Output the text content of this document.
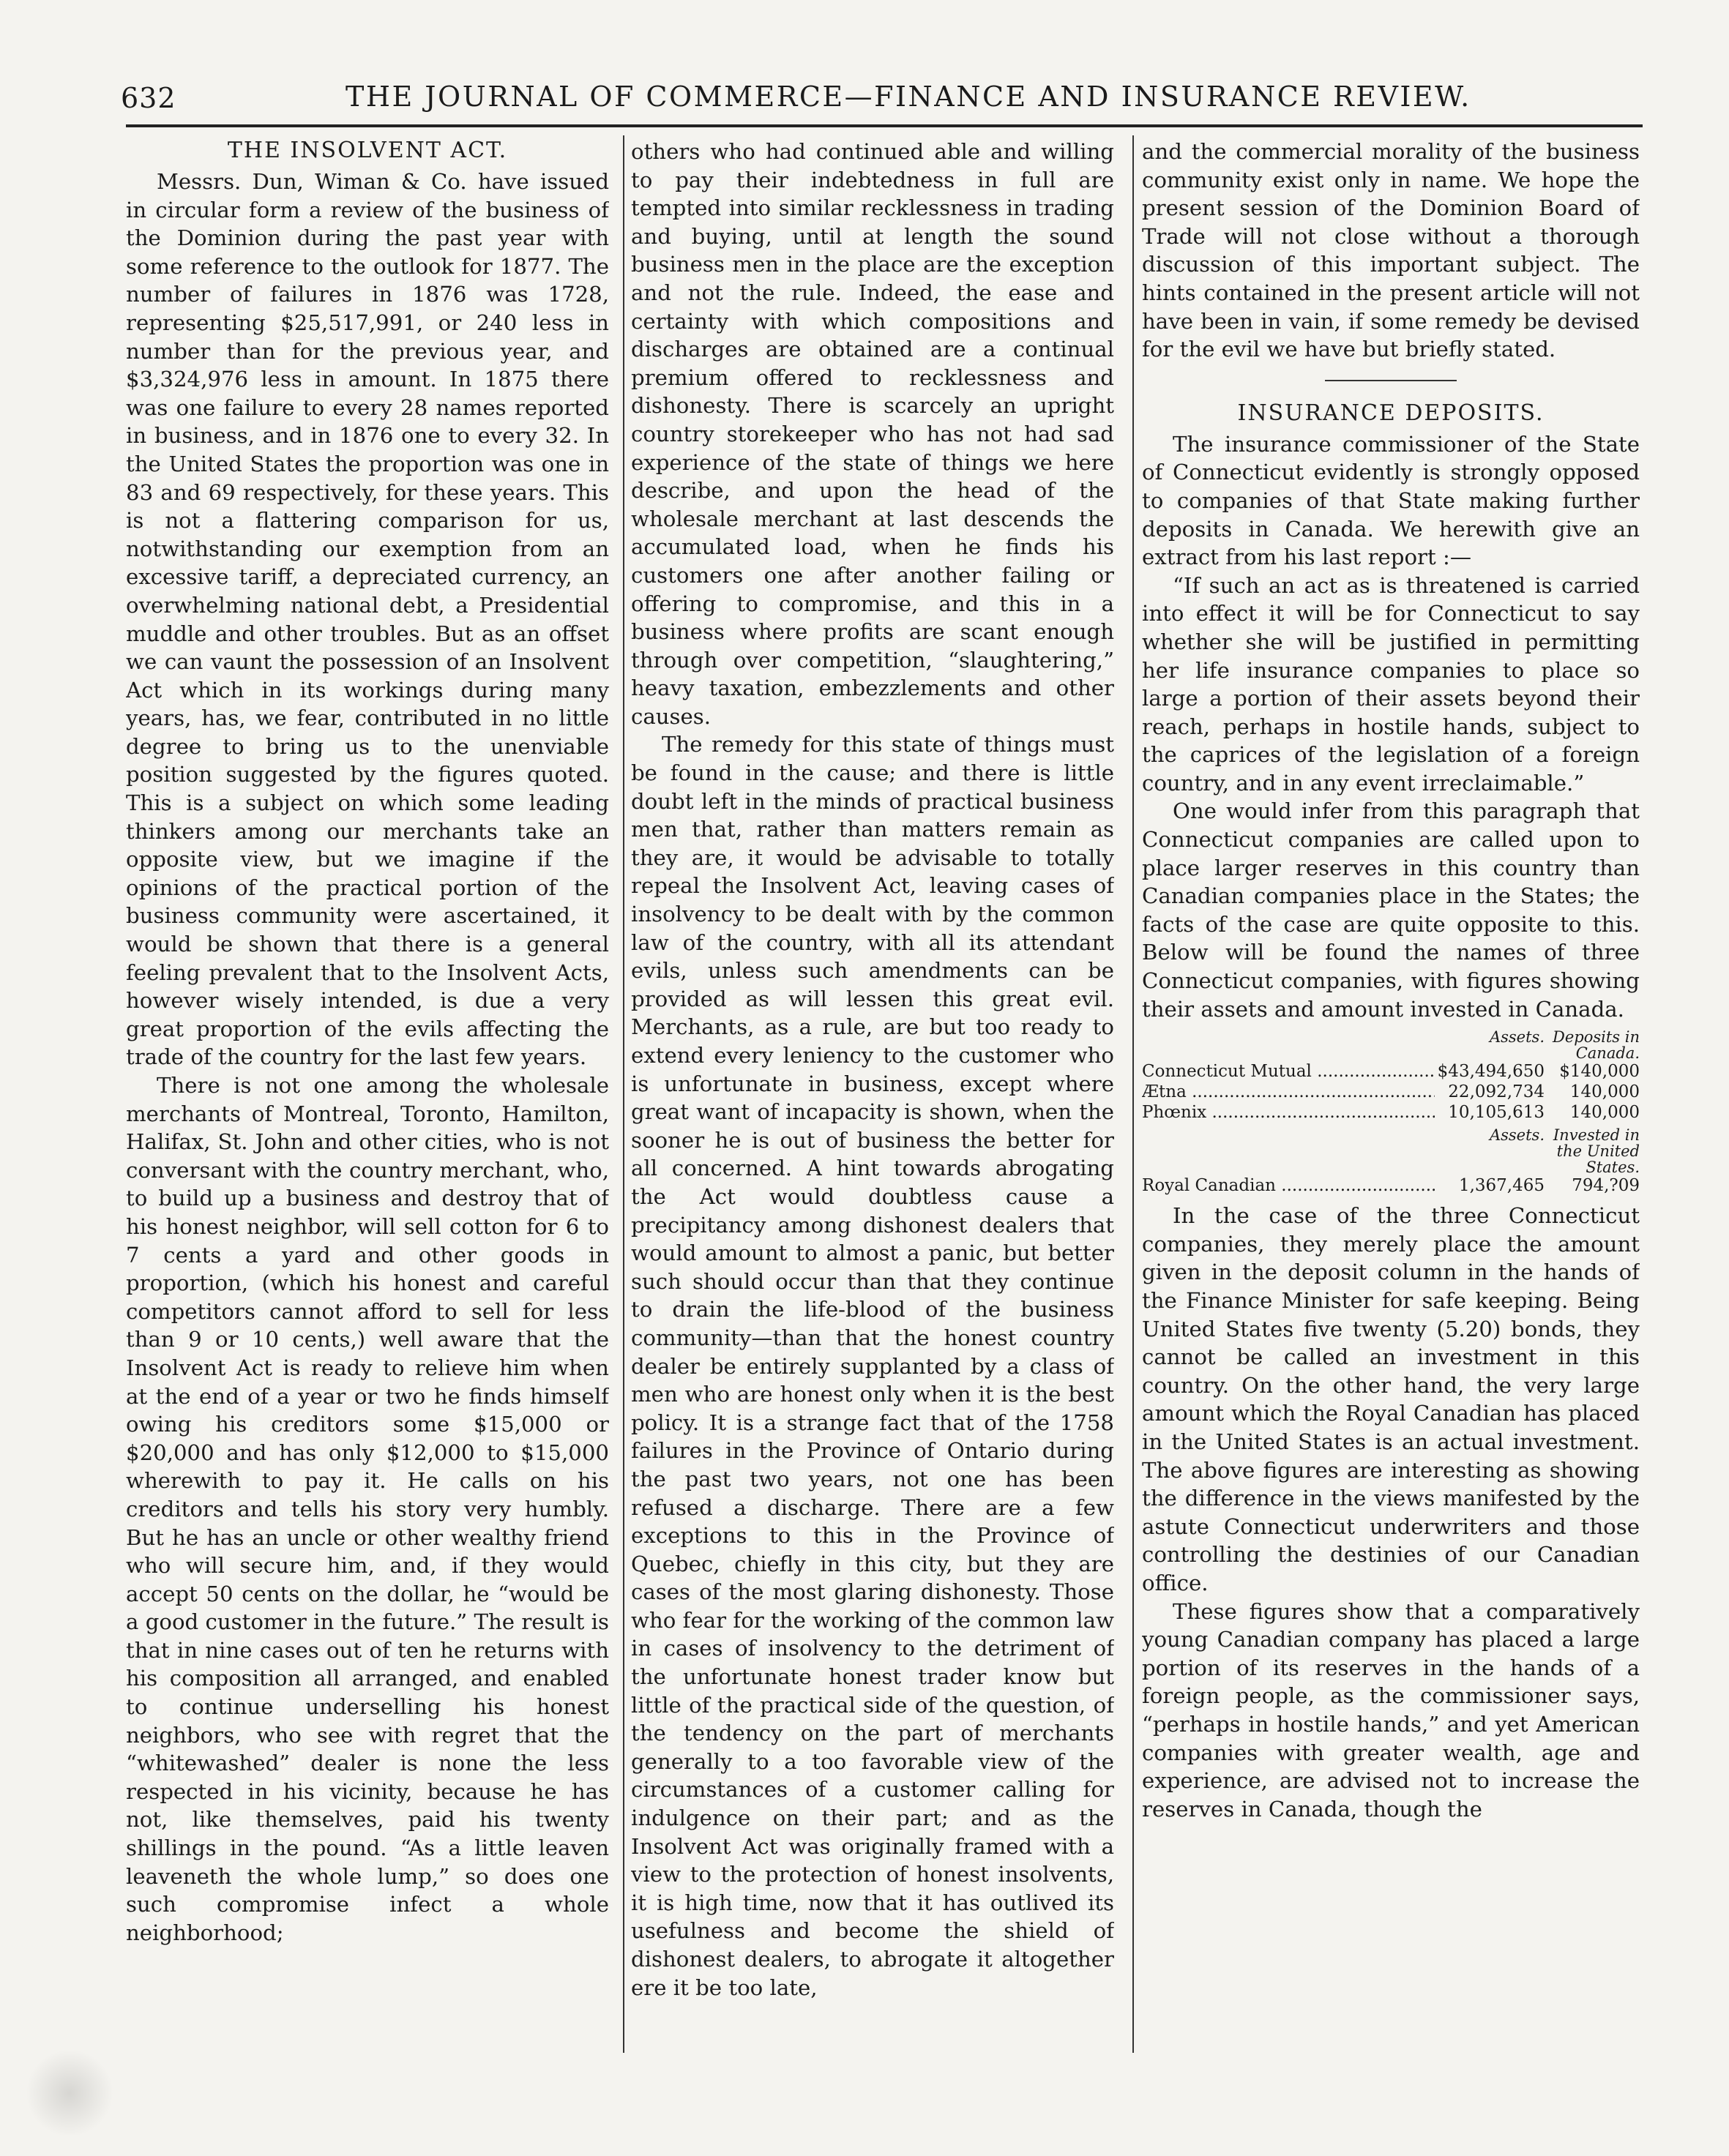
632	THE JOURNAL OF COMMERCE—FINANCE AND INSURANCE REVIEW.
THE INSOLVENT ACT.

Messrs. Dun, Wiman & Co. have issued in circular form a review of the business of the Dominion during the past year with some reference to the outlook for 1877. The number of failures in 1876 was 1728, representing $25,517,991, or 240 less in number than for the previous year, and $3,324,976 less in amount. In 1875 there was one failure to every 28 names reported in business, and in 1876 one to every 32. In the United States the proportion was one in 83 and 69 respectively, for these years. This is not a flattering comparison for us, notwithstanding our exemption from an excessive tariff, a depreciated currency, an overwhelming national debt, a Presidential muddle and other troubles. But as an offset we can vaunt the possession of an Insolvent Act which in its workings during many years, has, we fear, contributed in no little degree to bring us to the unenviable position suggested by the figures quoted. This is a subject on which some leading thinkers among our merchants take an opposite view, but we imagine if the opinions of the practical portion of the business community were ascertained, it would be shown that there is a general feeling prevalent that to the Insolvent Acts, however wisely intended, is due a very great proportion of the evils affecting the trade of the country for the last few years.

There is not one among the wholesale merchants of Montreal, Toronto, Hamilton, Halifax, St. John and other cities, who is not conversant with the country merchant, who, to build up a business and destroy that of his honest neighbor, will sell cotton for 6 to 7 cents a yard and other goods in proportion, (which his honest and careful competitors cannot afford to sell for less than 9 or 10 cents,) well aware that the Insolvent Act is ready to relieve him when at the end of a year or two he finds himself owing his creditors some $15,000 or $20,000 and has only $12,000 to $15,000 wherewith to pay it. He calls on his creditors and tells his story very humbly. But he has an uncle or other wealthy friend who will secure him, and, if they would accept 50 cents on the dollar, he “would be a good customer in the future.” The result is that in nine cases out of ten he returns with his composition all arranged, and enabled to continue underselling his honest neighbors, who see with regret that the “whitewashed” dealer is none the less respected in his vicinity, because he has not, like themselves, paid his twenty shillings in the pound. “As a little leaven leaveneth the whole lump,” so does one such compromise infect a whole neighborhood;

others who had continued able and willing to pay their indebtedness in full are tempted into similar recklessness in trading and buying, until at length the sound business men in the place are the exception and not the rule. Indeed, the ease and certainty with which compositions and discharges are obtained are a continual premium offered to recklessness and dishonesty. There is scarcely an upright country storekeeper who has not had sad experience of the state of things we here describe, and upon the head of the wholesale merchant at last descends the accumulated load, when he finds his customers one after another failing or offering to compromise, and this in a business where profits are scant enough through over competition, “slaughtering,” heavy taxation, embezzlements and other causes.

The remedy for this state of things must be found in the cause; and there is little doubt left in the minds of practical business men that, rather than matters remain as they are, it would be advisable to totally repeal the Insolvent Act, leaving cases of insolvency to be dealt with by the common law of the country, with all its attendant evils, unless such amendments can be provided as will lessen this great evil. Merchants, as a rule, are but too ready to extend every leniency to the customer who is unfortunate in business, except where great want of incapacity is shown, when the sooner he is out of business the better for all concerned. A hint towards abrogating the Act would doubtless cause a precipitancy among dishonest dealers that would amount to almost a panic, but better such should occur than that they continue to drain the life-blood of the business community—than that the honest country dealer be entirely supplanted by a class of men who are honest only when it is the best policy. It is a strange fact that of the 1758 failures in the Province of Ontario during the past two years, not one has been refused a discharge. There are a few exceptions to this in the Province of Quebec, chiefly in this city, but they are cases of the most glaring dishonesty. Those who fear for the working of the common law in cases of insolvency to the detriment of the unfortunate honest trader know but little of the practical side of the question, of the tendency on the part of merchants generally to a too favorable view of the circumstances of a customer calling for indulgence on their part; and as the Insolvent Act was originally framed with a view to the protection of honest insolvents, it is high time, now that it has outlived its usefulness and become the shield of dishonest dealers, to abrogate it altogether ere it be too late,

and the commercial morality of the business community exist only in name. We hope the present session of the Dominion Board of Trade will not close without a thorough discussion of this important subject. The hints contained in the present article will not have been in vain, if some remedy be devised for the evil we have but briefly stated.

INSURANCE DEPOSITS.

The insurance commissioner of the State of Connecticut evidently is strongly opposed to companies of that State making further deposits in Canada. We herewith give an extract from his last report :—

“If such an act as is threatened is carried into effect it will be for Connecticut to say whether she will be justified in permitting her life insurance companies to place so large a portion of their assets beyond their reach, perhaps in hostile hands, subject to the caprices of the legislation of a foreign country, and in any event irreclaimable.”

One would infer from this paragraph that Connecticut companies are called upon to place larger reserves in this country than Canadian companies place in the States; the facts of the case are quite opposite to this. Below will be found the names of three Connecticut companies, with figures showing their assets and amount invested in Canada.

Assets. Deposits in Canada.
Connecticut Mutual .....	$43,494,650 $140,000
Ætna .....	22,092,734	140,000
Phœnix .....	10,105,613	140,000
Assets. Invested in the United States.
Royal Canadian .....	1,367,465	794,?09

In the case of the three Connecticut companies, they merely place the amount given in the deposit column in the hands of the Finance Minister for safe keeping. Being United States five twenty (5.20) bonds, they cannot be called an investment in this country. On the other hand, the very large amount which the Royal Canadian has placed in the United States is an actual investment. The above figures are interesting as showing the difference in the views manifested by the astute Connecticut underwriters and those controlling the destinies of our Canadian office.

These figures show that a comparatively young Canadian company has placed a large portion of its reserves in the hands of a foreign people, as the commissioner says, “perhaps in hostile hands,” and yet American companies with greater wealth, age and experience, are advised not to increase the reserves in Canada, though the
